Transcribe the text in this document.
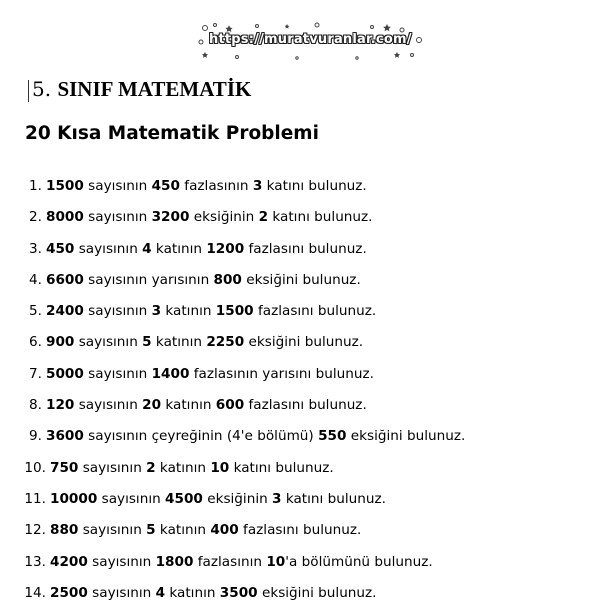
https://muratvuranlar.com/
5. SINIF MATEMATİK
20 Kısa Matematik Problemi
1. 1500 sayısının 450 fazlasının 3 katını bulunuz.
2. 8000 sayısının 3200 eksiğinin 2 katını bulunuz.
3. 450 sayısının 4 katının 1200 fazlasını bulunuz.
4. 6600 sayısının yarısının 800 eksiğini bulunuz.
5. 2400 sayısının 3 katının 1500 fazlasını bulunuz.
6. 900 sayısının 5 katının 2250 eksiğini bulunuz.
7. 5000 sayısının 1400 fazlasının yarısını bulunuz.
8. 120 sayısının 20 katının 600 fazlasını bulunuz.
9. 3600 sayısının çeyreğinin (4'e bölümü) 550 eksiğini bulunuz.
10. 750 sayısının 2 katının 10 katını bulunuz.
11. 10000 sayısının 4500 eksiğinin 3 katını bulunuz.
12. 880 sayısının 5 katının 400 fazlasını bulunuz.
13. 4200 sayısının 1800 fazlasının 10'a bölümünü bulunuz.
14. 2500 sayısının 4 katının 3500 eksiğini bulunuz.
